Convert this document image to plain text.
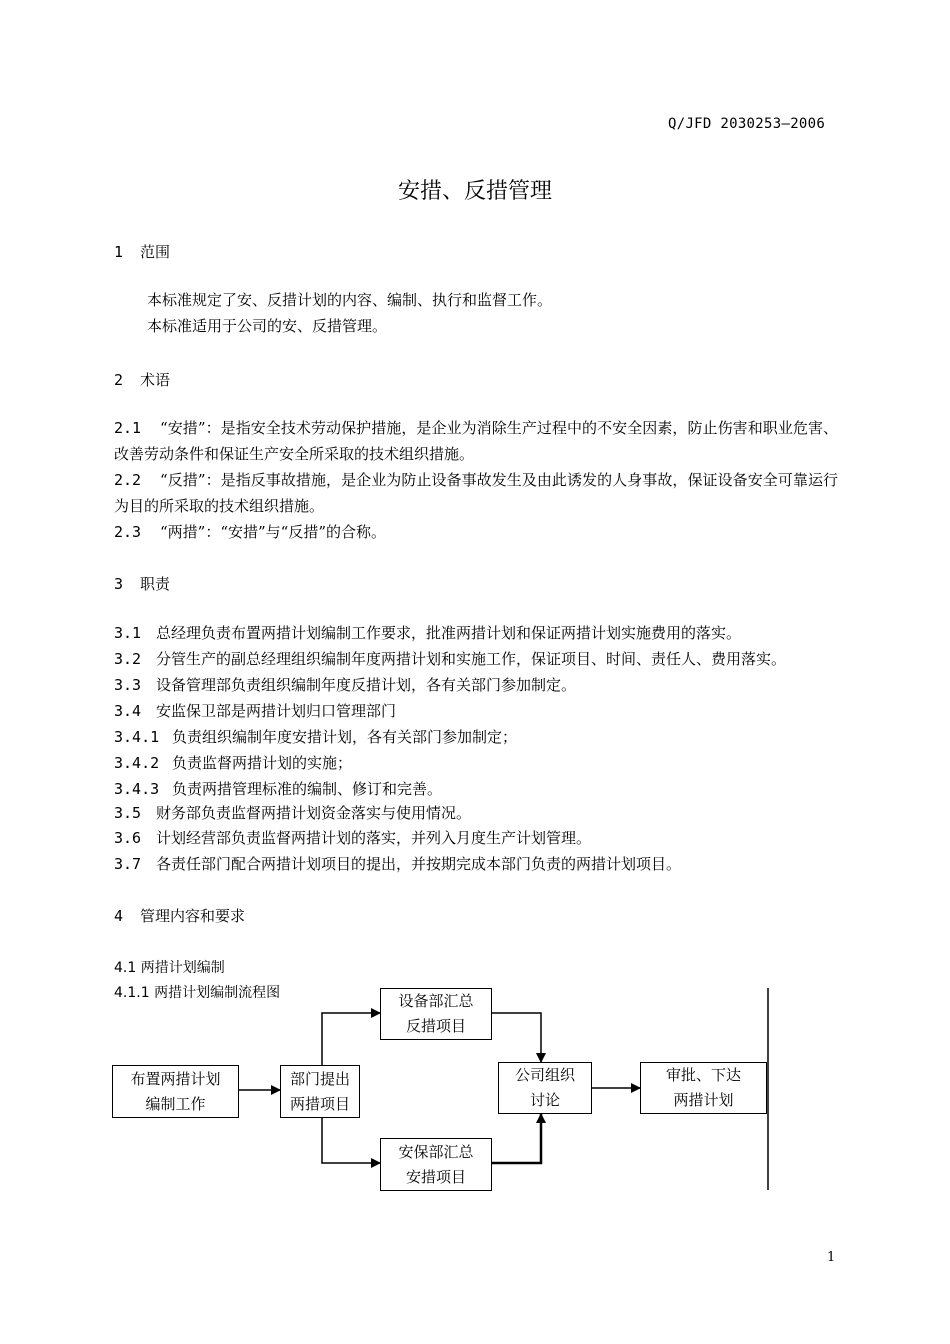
Q/JFD 2030253—2006
安措、反措管理
1 范围
本标准规定了安、反措计划的内容、编制、执行和监督工作。
本标准适用于公司的安、反措管理。
2 术语
2.1 “安措”：是指安全技术劳动保护措施，是企业为消除生产过程中的不安全因素，防止伤害和职业危害、改善劳动条件和保证生产安全所采取的技术组织措施。
2.2 “反措”：是指反事故措施，是企业为防止设备事故发生及由此诱发的人身事故，保证设备安全可靠运行为目的所采取的技术组织措施。
2.3 “两措”：“安措”与“反措”的合称。
3 职责
3.1 总经理负责布置两措计划编制工作要求，批准两措计划和保证两措计划实施费用的落实。
3.2 分管生产的副总经理组织编制年度两措计划和实施工作，保证项目、时间、责任人、费用落实。
3.3 设备管理部负责组织编制年度反措计划，各有关部门参加制定。
3.4 安监保卫部是两措计划归口管理部门
3.4.1 负责组织编制年度安措计划，各有关部门参加制定；
3.4.2 负责监督两措计划的实施；
3.4.3 负责两措管理标准的编制、修订和完善。
3.5 财务部负责监督两措计划资金落实与使用情况。
3.6 计划经营部负责监督两措计划的落实，并列入月度生产计划管理。
3.7 各责任部门配合两措计划项目的提出，并按期完成本部门负责的两措计划项目。
4 管理内容和要求
4.1 两措计划编制
4.1.1 两措计划编制流程图
布置两措计划
编制工作
部门提出
两措项目
设备部汇总
反措项目
安保部汇总
安措项目
公司组织
讨论
审批、下达
两措计划
1
